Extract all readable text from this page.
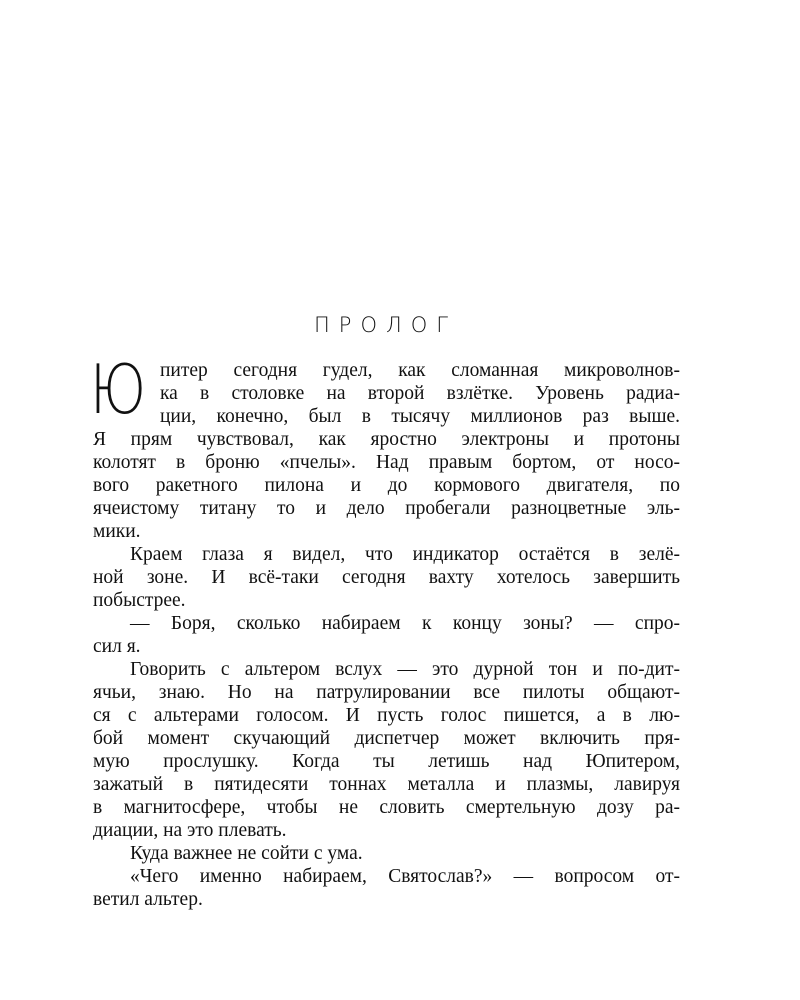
ПРОЛОГ
Ю питер сегодня гудел, как сломанная микроволнов-
ка в столовке на второй взлётке. Уровень радиа-
ции, конечно, был в тысячу миллионов раз выше.
Я прям чувствовал, как яростно электроны и протоны
колотят в броню «пчелы». Над правым бортом, от носо-
вого ракетного пилона и до кормового двигателя, по
ячеистому титану то и дело пробегали разноцветные эль-
мики.
Краем глаза я видел, что индикатор остаётся в зелё-
ной зоне. И всё-таки сегодня вахту хотелось завершить
побыстрее.
— Боря, сколько набираем к концу зоны? — спро-
сил я.
Говорить с альтером вслух — это дурной тон и по-дит-
ячьи, знаю. Но на патрулировании все пилоты общают-
ся с альтерами голосом. И пусть голос пишется, а в лю-
бой момент скучающий диспетчер может включить пря-
мую прослушку. Когда ты летишь над Юпитером,
зажатый в пятидесяти тоннах металла и плазмы, лавируя
в магнитосфере, чтобы не словить смертельную дозу ра-
диации, на это плевать.
Куда важнее не сойти с ума.
«Чего именно набираем, Святослав?» — вопросом от-
ветил альтер.
